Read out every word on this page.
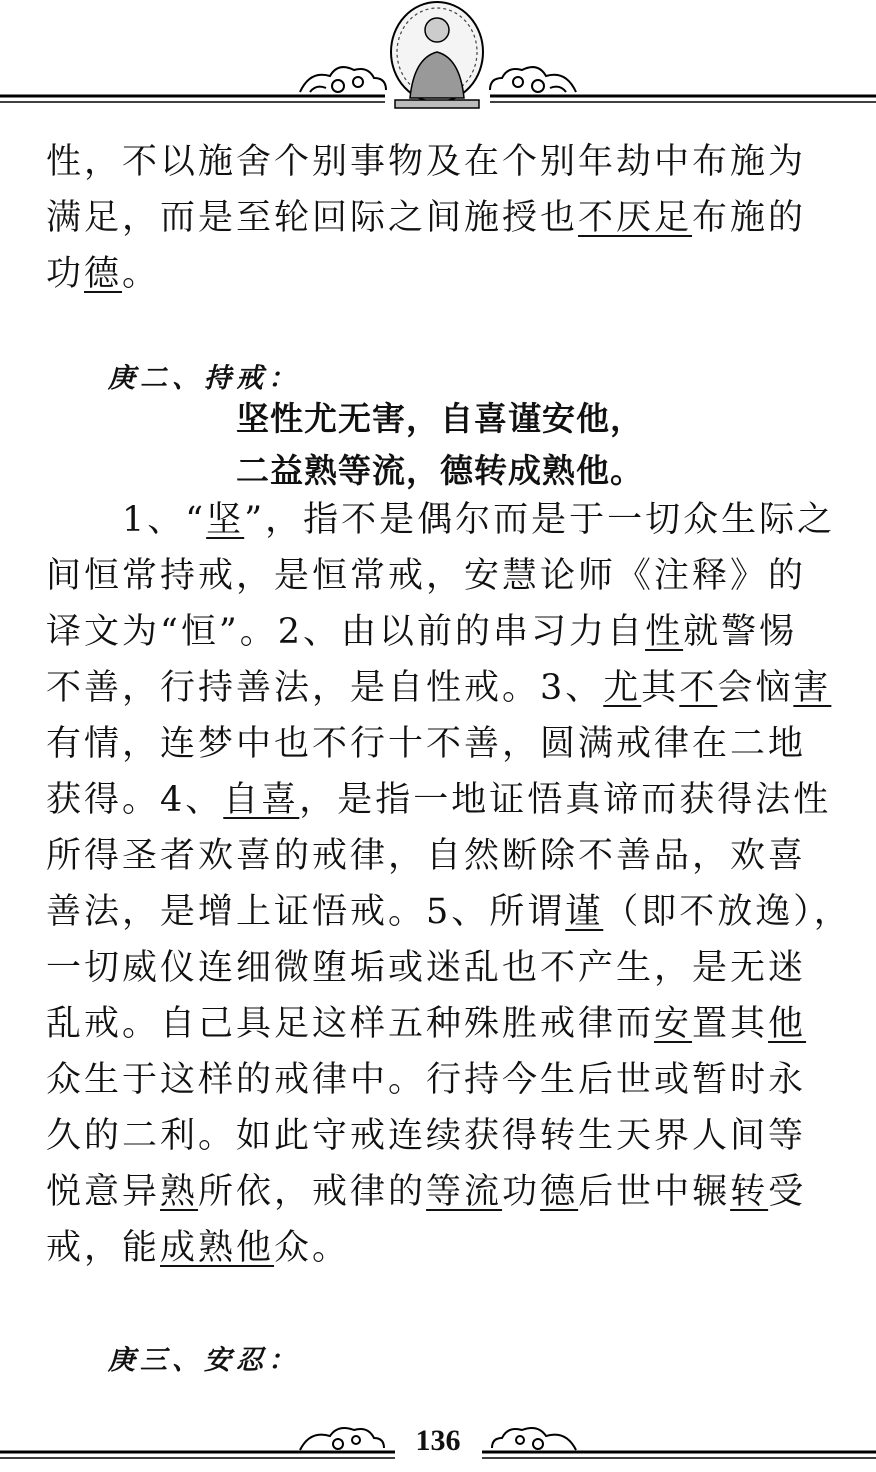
性，不以施舍个别事物及在个别年劫中布施为
满足，而是至轮回际之间施授也不厌足布施的
功德。
庚二、持戒：
坚性尤无害，自喜谨安他，
二益熟等流，德转成熟他。
　　1、“坚”，指不是偶尔而是于一切众生际之
间恒常持戒，是恒常戒，安慧论师《注释》的
译文为“恒”。2、由以前的串习力自性就警惕
不善，行持善法，是自性戒。3、尤其不会恼害
有情，连梦中也不行十不善，圆满戒律在二地
获得。4、自喜，是指一地证悟真谛而获得法性
所得圣者欢喜的戒律，自然断除不善品，欢喜
善法，是增上证悟戒。5、所谓谨（即不放逸），
一切威仪连细微堕垢或迷乱也不产生，是无迷
乱戒。自己具足这样五种殊胜戒律而安置其他
众生于这样的戒律中。行持今生后世或暂时永
久的二利。如此守戒连续获得转生天界人间等
悦意异熟所依，戒律的等流功德后世中辗转受
戒，能成熟他众。
庚三、安忍：
136
